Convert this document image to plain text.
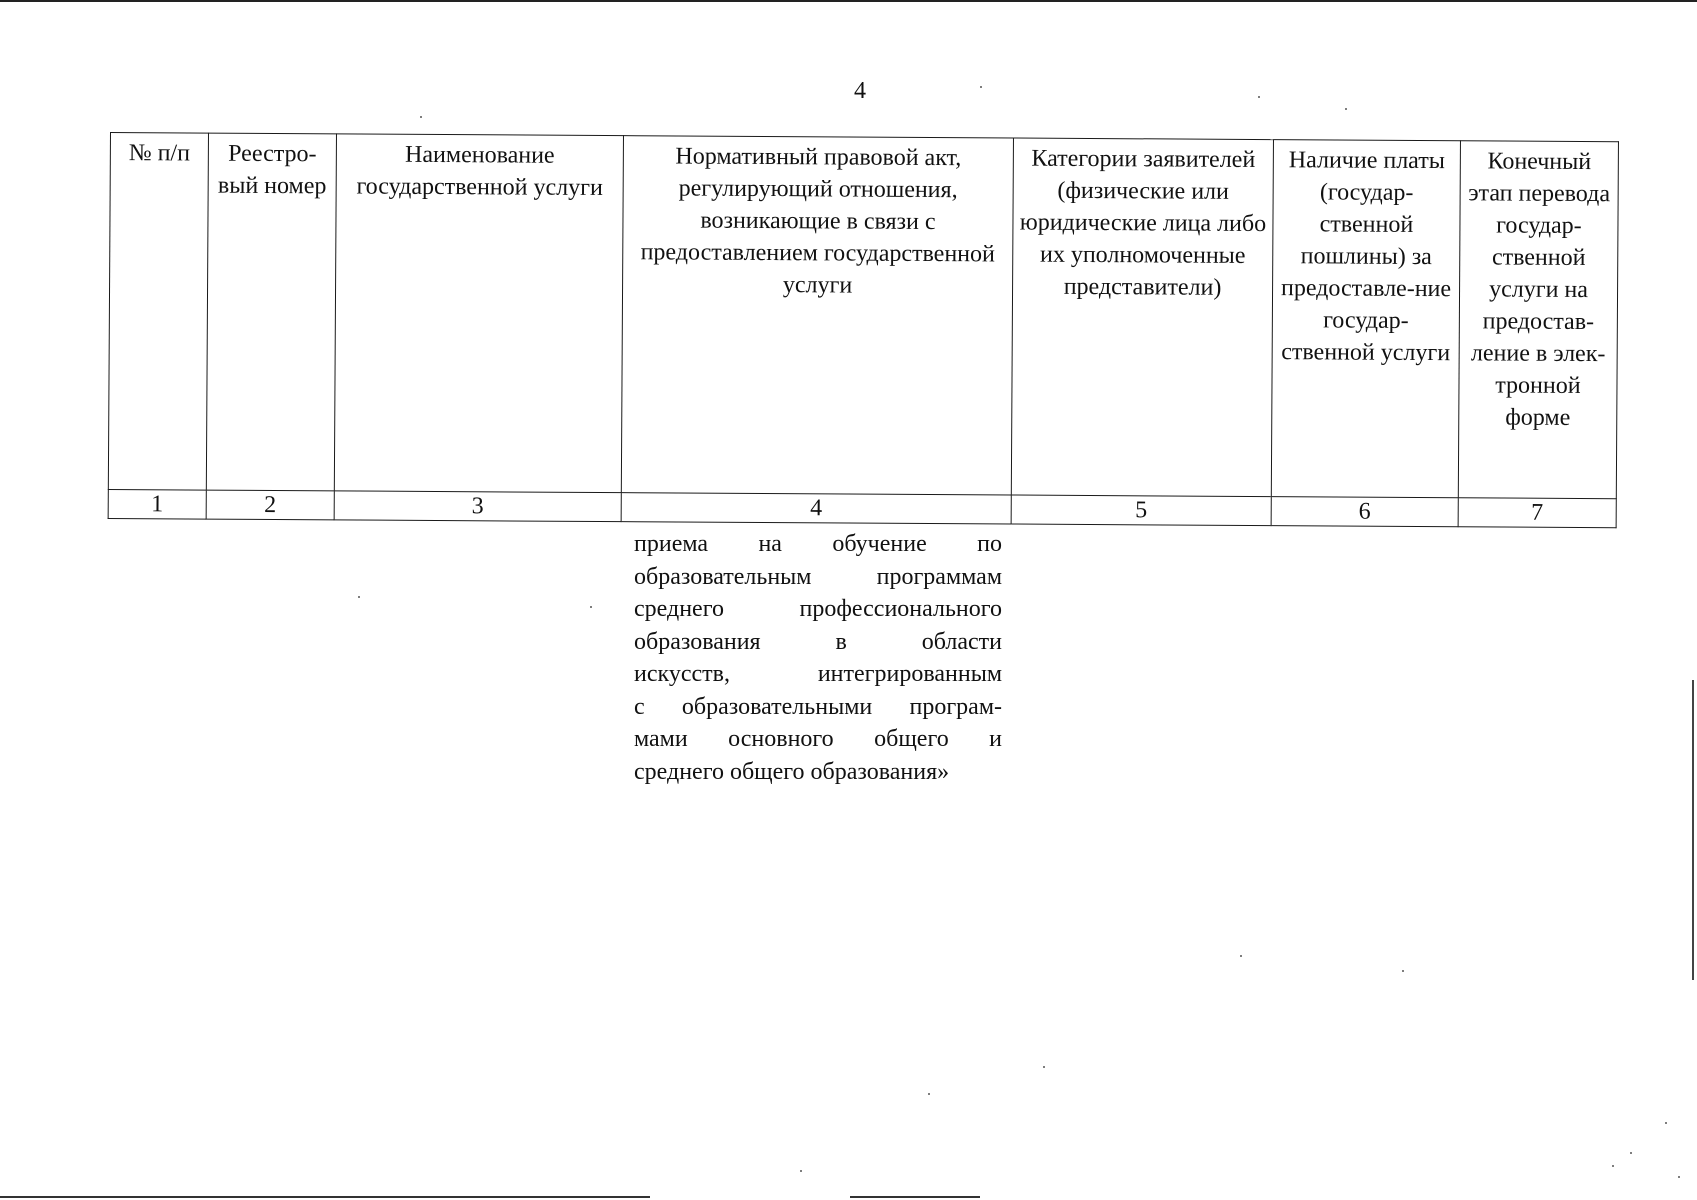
4
№ п/п	Реестро-вый номер	Наименование государственной услуги	Нормативный правовой акт, регулирующий отношения, возникающие в связи с предоставлением государственной услуги	Категории заявителей (физические или юридические лица либо их уполномоченные представители)	Наличие платы (государ-ственной пошлины) за предоставле-ние государ-ственной услуги	Конечный этап перевода государ-ственной услуги на предостав-ление в элек-тронной форме
1	2	3	4	5	6	7
приема на обучение по
образовательным программам
среднего профессионального
образования в области
искусств, интегрированным
с образовательными програм-
мами основного общего и
среднего общего образования»
